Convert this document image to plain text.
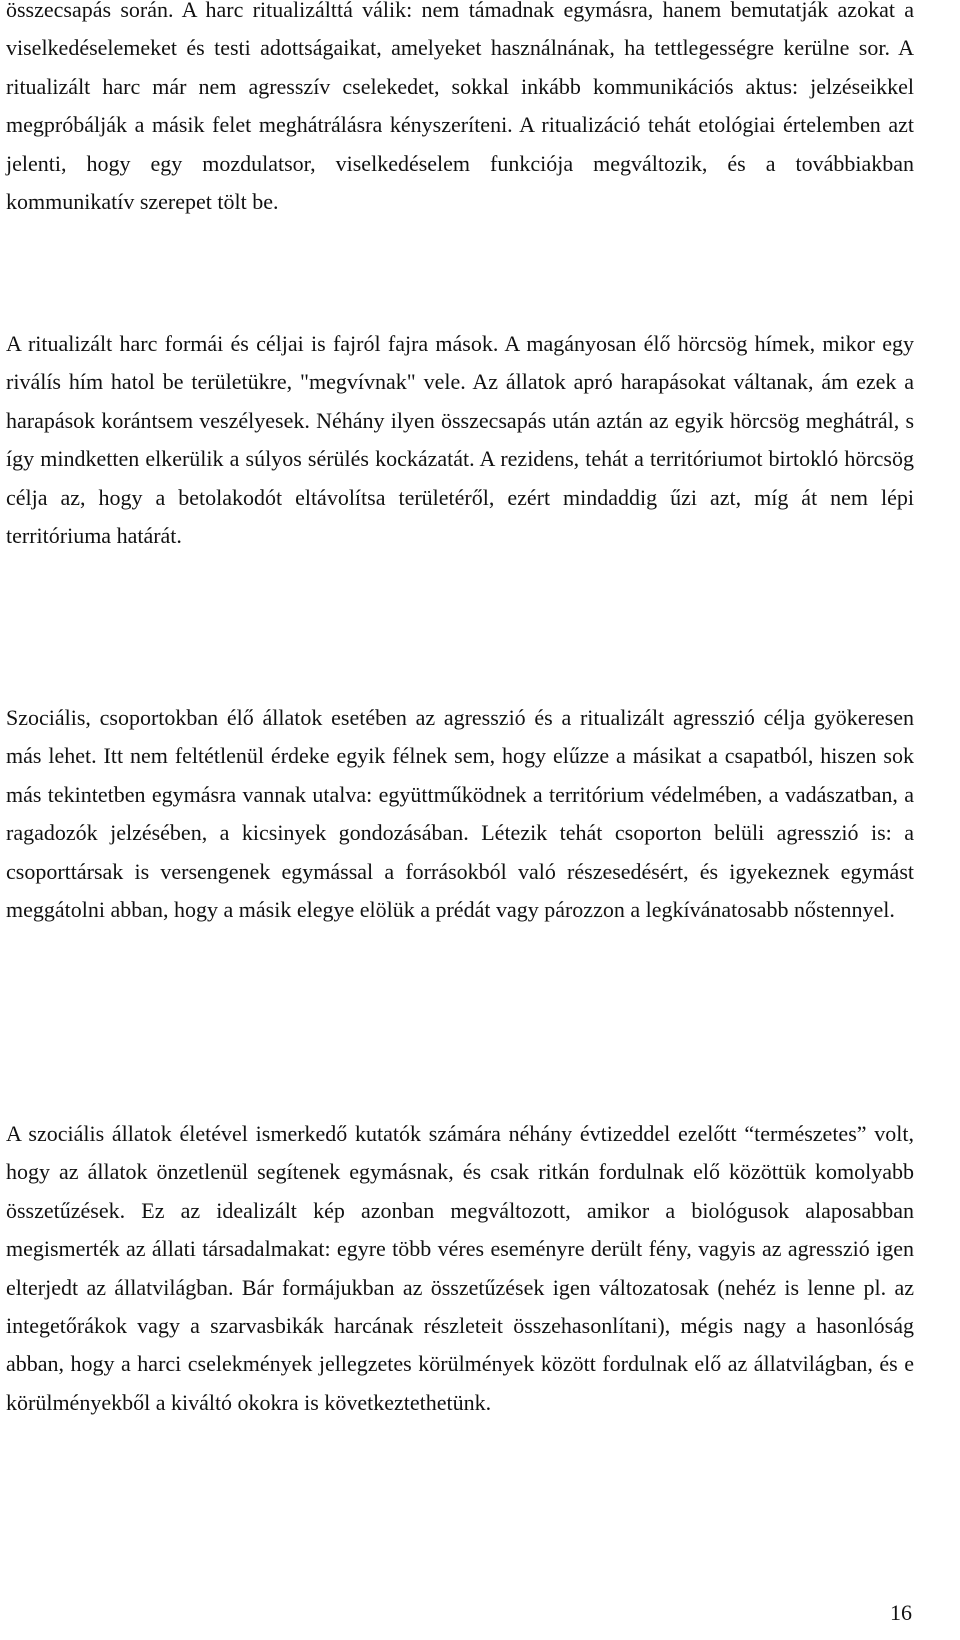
összecsapás során. A harc ritualizálttá válik: nem támadnak egymásra, hanem bemutatják azokat a viselkedéselemeket és testi adottságaikat, amelyeket használnának, ha tettlegességre kerülne sor. A ritualizált harc már nem agresszív cselekedet, sokkal inkább kommunikációs aktus: jelzéseikkel megpróbálják a másik felet meghátrálásra kényszeríteni. A ritualizáció tehát etológiai értelemben azt jelenti, hogy egy mozdulatsor, viselkedéselem funkciója megváltozik, és a továbbiakban kommunikatív szerepet tölt be.

A ritualizált harc formái és céljai is fajról fajra mások. A magányosan élő hörcsög hímek, mikor egy riválís hím hatol be területükre, "megvívnak" vele. Az állatok apró harapásokat váltanak, ám ezek a harapások korántsem veszélyesek. Néhány ilyen összecsapás után aztán az egyik hörcsög meghátrál, s így mindketten elkerülik a súlyos sérülés kockázatát. A rezidens, tehát a territóriumot birtokló hörcsög célja az, hogy a betolakodót eltávolítsa területéről, ezért mindaddig űzi azt, míg át nem lépi territóriuma határát.

Szociális, csoportokban élő állatok esetében az agresszió és a ritualizált agresszió célja gyökeresen más lehet. Itt nem feltétlenül érdeke egyik félnek sem, hogy elűzze a másikat a csapatból, hiszen sok más tekintetben egymásra vannak utalva: együttműködnek a territórium védelmében, a vadászatban, a ragadozók jelzésében, a kicsinyek gondozásában. Létezik tehát csoporton belüli agresszió is: a csoporttársak is versengenek egymással a forrásokból való részesedésért, és igyekeznek egymást meggátolni abban, hogy a másik elegye elölük a prédát vagy pározzon a legkívánatosabb nőstennyel.

A szociális állatok életével ismerkedő kutatók számára néhány évtizeddel ezelőtt “természetes” volt, hogy az állatok önzetlenül segítenek egymásnak, és csak ritkán fordulnak elő közöttük komolyabb összetűzések. Ez az idealizált kép azonban megváltozott, amikor a biológusok alaposabban megismerték az állati társadalmakat: egyre több véres eseményre derült fény, vagyis az agresszió igen elterjedt az állatvilágban. Bár formájukban az összetűzések igen változatosak (nehéz is lenne pl. az integetőrákok vagy a szarvasbikák harcának részleteit összehasonlítani), mégis nagy a hasonlóság abban, hogy a harci cselekmények jellegzetes körülmények között fordulnak elő az állatvilágban, és e körülményekből a kiváltó okokra is következtethetünk.

16
